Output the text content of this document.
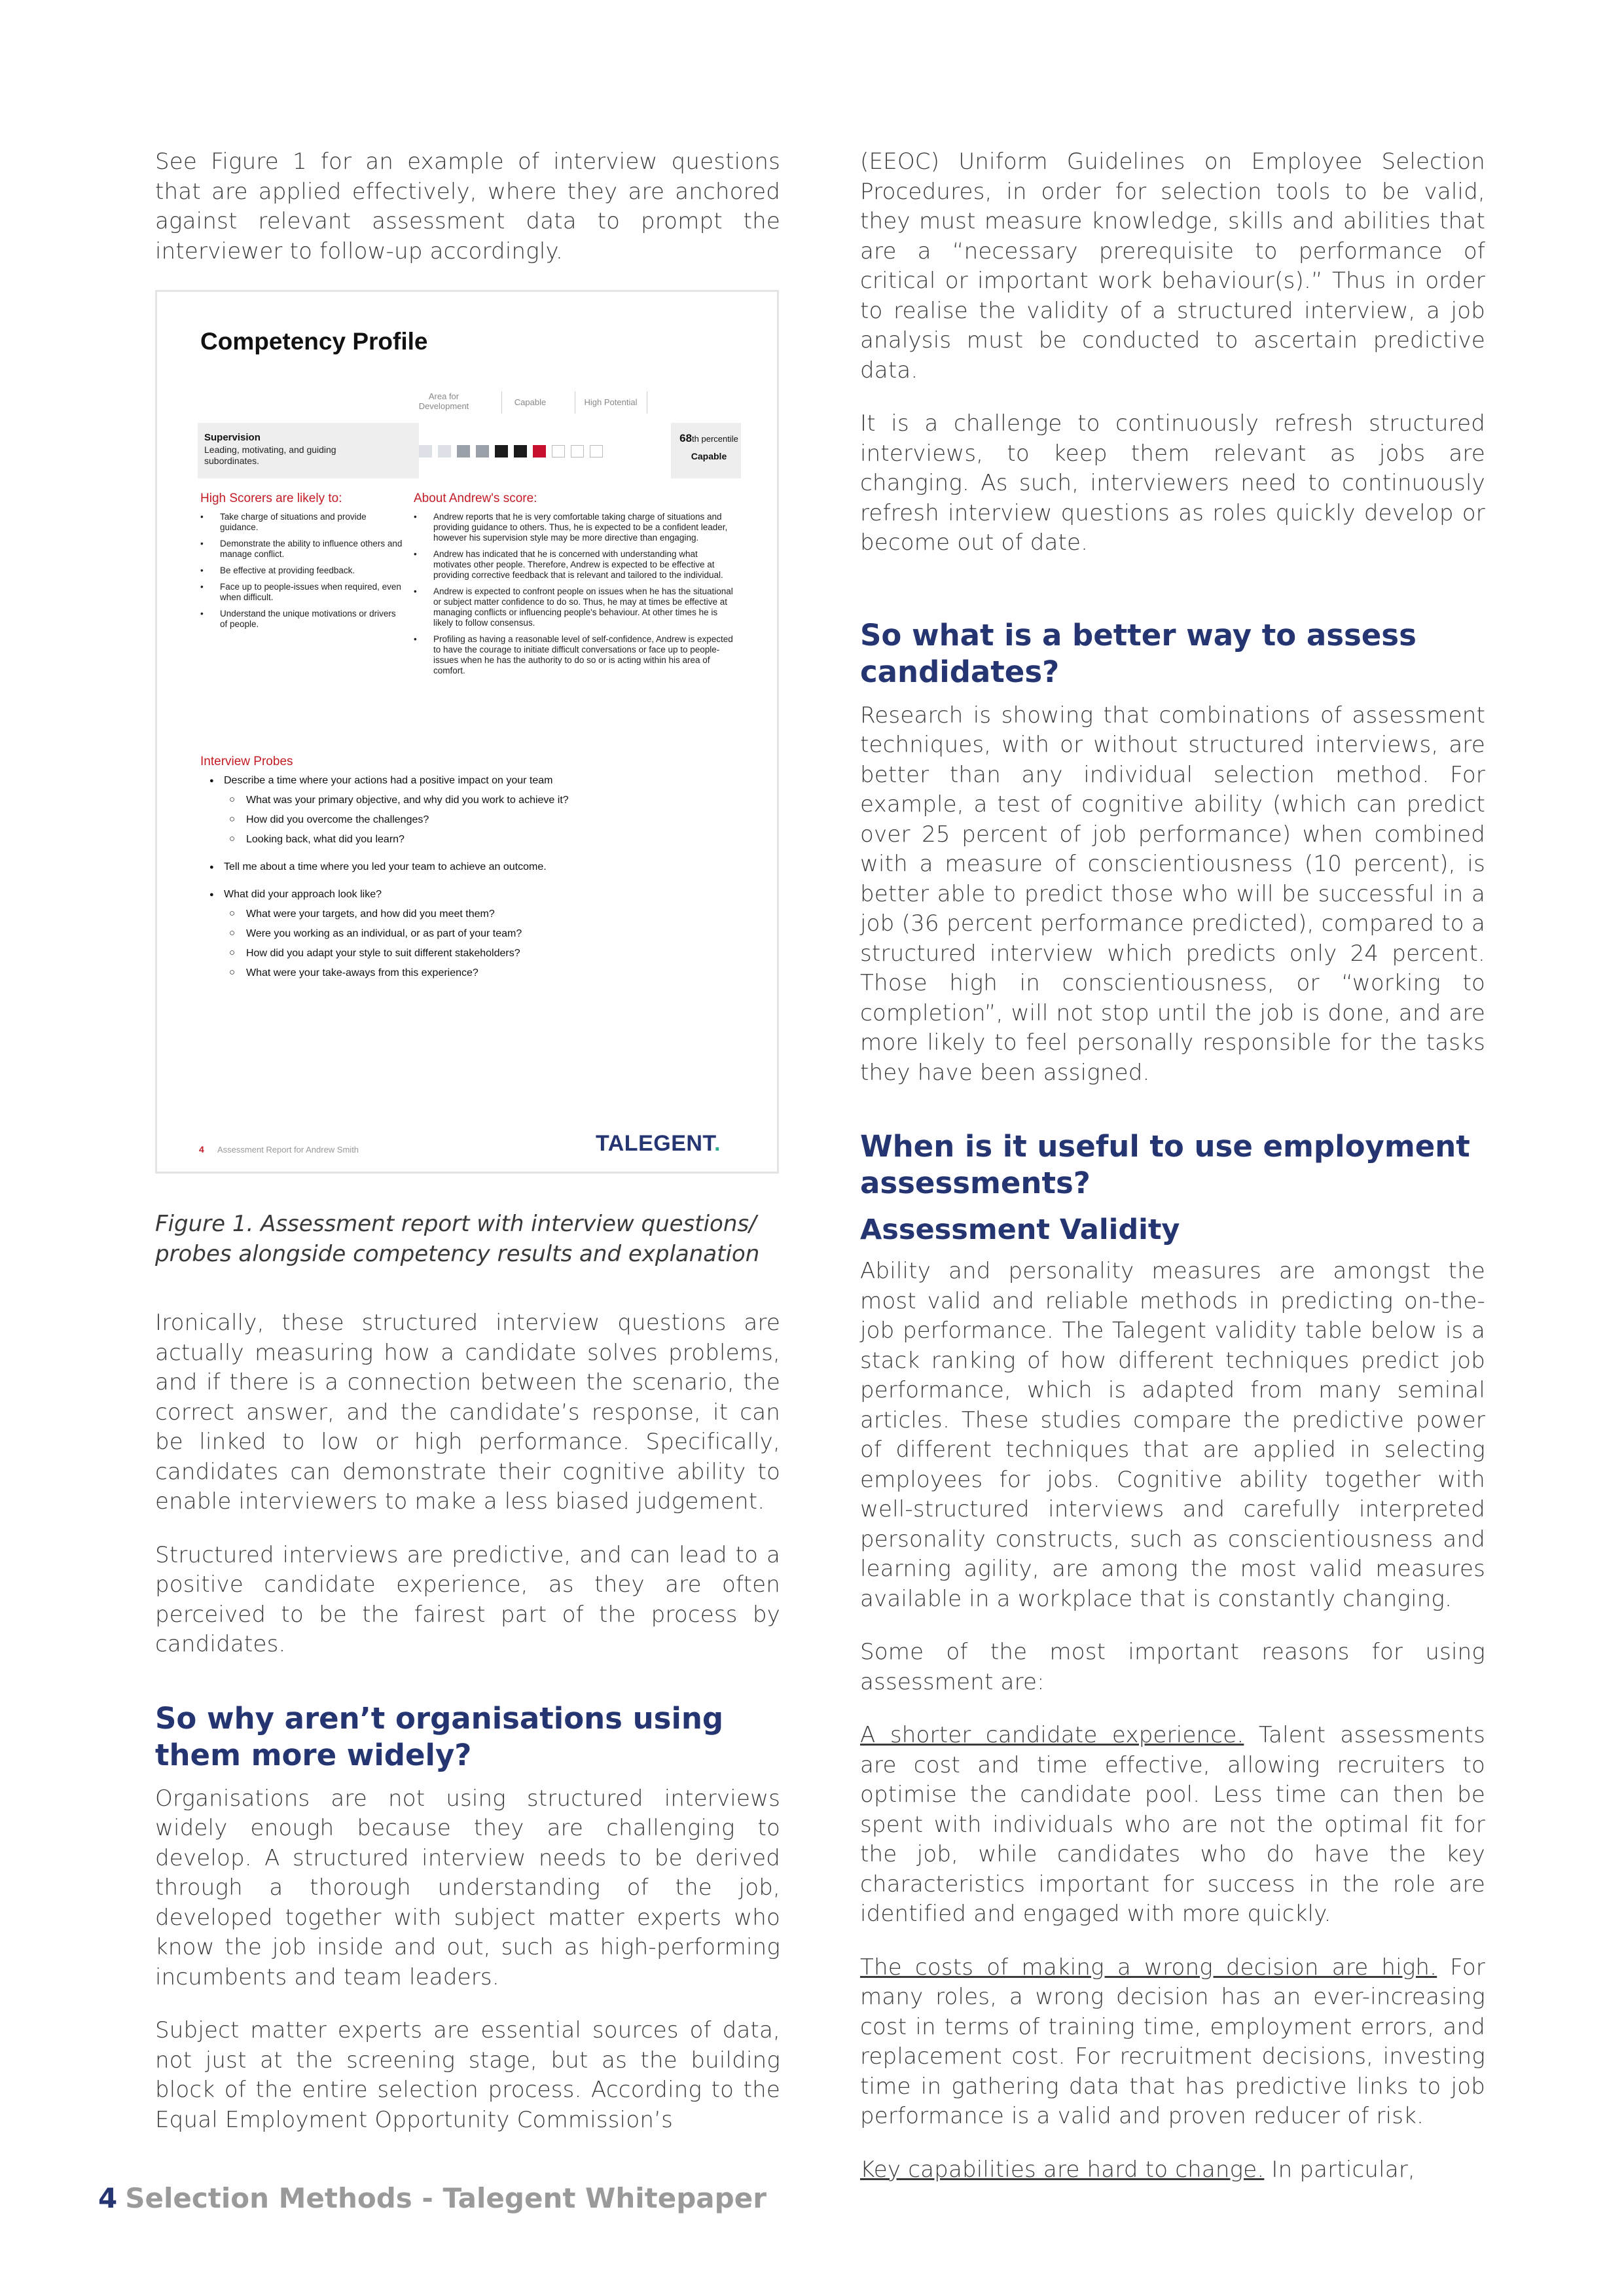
See Figure 1 for an example of interview questions that are applied effectively, where they are anchored against relevant assessment data to prompt the interviewer to follow-up accordingly.

Competency Profile
Area for Development	Capable	High Potential
Supervision
Leading, motivating, and guiding subordinates.
68th percentile
Capable
High Scorers are likely to:
• Take charge of situations and provide guidance.
• Demonstrate the ability to influence others and manage conflict.
• Be effective at providing feedback.
• Face up to people-issues when required, even when difficult.
• Understand the unique motivations or drivers of people.
About Andrew's score:
• Andrew reports that he is very comfortable taking charge of situations and providing guidance to others. Thus, he is expected to be a confident leader, however his supervision style may be more directive than engaging.
• Andrew has indicated that he is concerned with understanding what motivates other people. Therefore, Andrew is expected to be effective at providing corrective feedback that is relevant and tailored to the individual.
• Andrew is expected to confront people on issues when he has the situational or subject matter confidence to do so. Thus, he may at times be effective at managing conflicts or influencing people's behaviour. At other times he is likely to follow consensus.
• Profiling as having a reasonable level of self-confidence, Andrew is expected to have the courage to initiate difficult conversations or face up to people-issues when he has the authority to do so or is acting within his area of comfort.
Interview Probes
● Describe a time where your actions had a positive impact on your team
○ What was your primary objective, and why did you work to achieve it?
○ How did you overcome the challenges?
○ Looking back, what did you learn?
● Tell me about a time where you led your team to achieve an outcome.
● What did your approach look like?
○ What were your targets, and how did you meet them?
○ Were you working as an individual, or as part of your team?
○ How did you adapt your style to suit different stakeholders?
○ What were your take-aways from this experience?
4 Assessment Report for Andrew Smith	TALEGENT.

Figure 1. Assessment report with interview questions/ probes alongside competency results and explanation

Ironically, these structured interview questions are actually measuring how a candidate solves problems, and if there is a connection between the scenario, the correct answer, and the candidate’s response, it can be linked to low or high performance. Specifically, candidates can demonstrate their cognitive ability to enable interviewers to make a less biased judgement.

Structured interviews are predictive, and can lead to a positive candidate experience, as they are often perceived to be the fairest part of the process by candidates.

So why aren’t organisations using them more widely?

Organisations are not using structured interviews widely enough because they are challenging to develop. A structured interview needs to be derived through a thorough understanding of the job, developed together with subject matter experts who know the job inside and out, such as high-performing incumbents and team leaders.

Subject matter experts are essential sources of data, not just at the screening stage, but as the building block of the entire selection process. According to the Equal Employment Opportunity Commission’s

(EEOC) Uniform Guidelines on Employee Selection Procedures, in order for selection tools to be valid, they must measure knowledge, skills and abilities that are a “necessary prerequisite to performance of critical or important work behaviour(s).” Thus in order to realise the validity of a structured interview, a job analysis must be conducted to ascertain predictive data.

It is a challenge to continuously refresh structured interviews, to keep them relevant as jobs are changing. As such, interviewers need to continuously refresh interview questions as roles quickly develop or become out of date.

So what is a better way to assess candidates?

Research is showing that combinations of assessment techniques, with or without structured interviews, are better than any individual selection method. For example, a test of cognitive ability (which can predict over 25 percent of job performance) when combined with a measure of conscientiousness (10 percent), is better able to predict those who will be successful in a job (36 percent performance predicted), compared to a structured interview which predicts only 24 percent. Those high in conscientiousness, or “working to completion”, will not stop until the job is done, and are more likely to feel personally responsible for the tasks they have been assigned.

When is it useful to use employment assessments?
Assessment Validity

Ability and personality measures are amongst the most valid and reliable methods in predicting on-the-job performance. The Talegent validity table below is a stack ranking of how different techniques predict job performance, which is adapted from many seminal articles. These studies compare the predictive power of different techniques that are applied in selecting employees for jobs. Cognitive ability together with well-structured interviews and carefully interpreted personality constructs, such as conscientiousness and learning agility, are among the most valid measures available in a workplace that is constantly changing.

Some of the most important reasons for using assessment are:

A shorter candidate experience. Talent assessments are cost and time effective, allowing recruiters to optimise the candidate pool. Less time can then be spent with individuals who are not the optimal fit for the job, while candidates who do have the key characteristics important for success in the role are identified and engaged with more quickly.

The costs of making a wrong decision are high. For many roles, a wrong decision has an ever-increasing cost in terms of training time, employment errors, and replacement cost. For recruitment decisions, investing time in gathering data that has predictive links to job performance is a valid and proven reducer of risk.

Key capabilities are hard to change. In particular,

4 Selection Methods - Talegent Whitepaper
